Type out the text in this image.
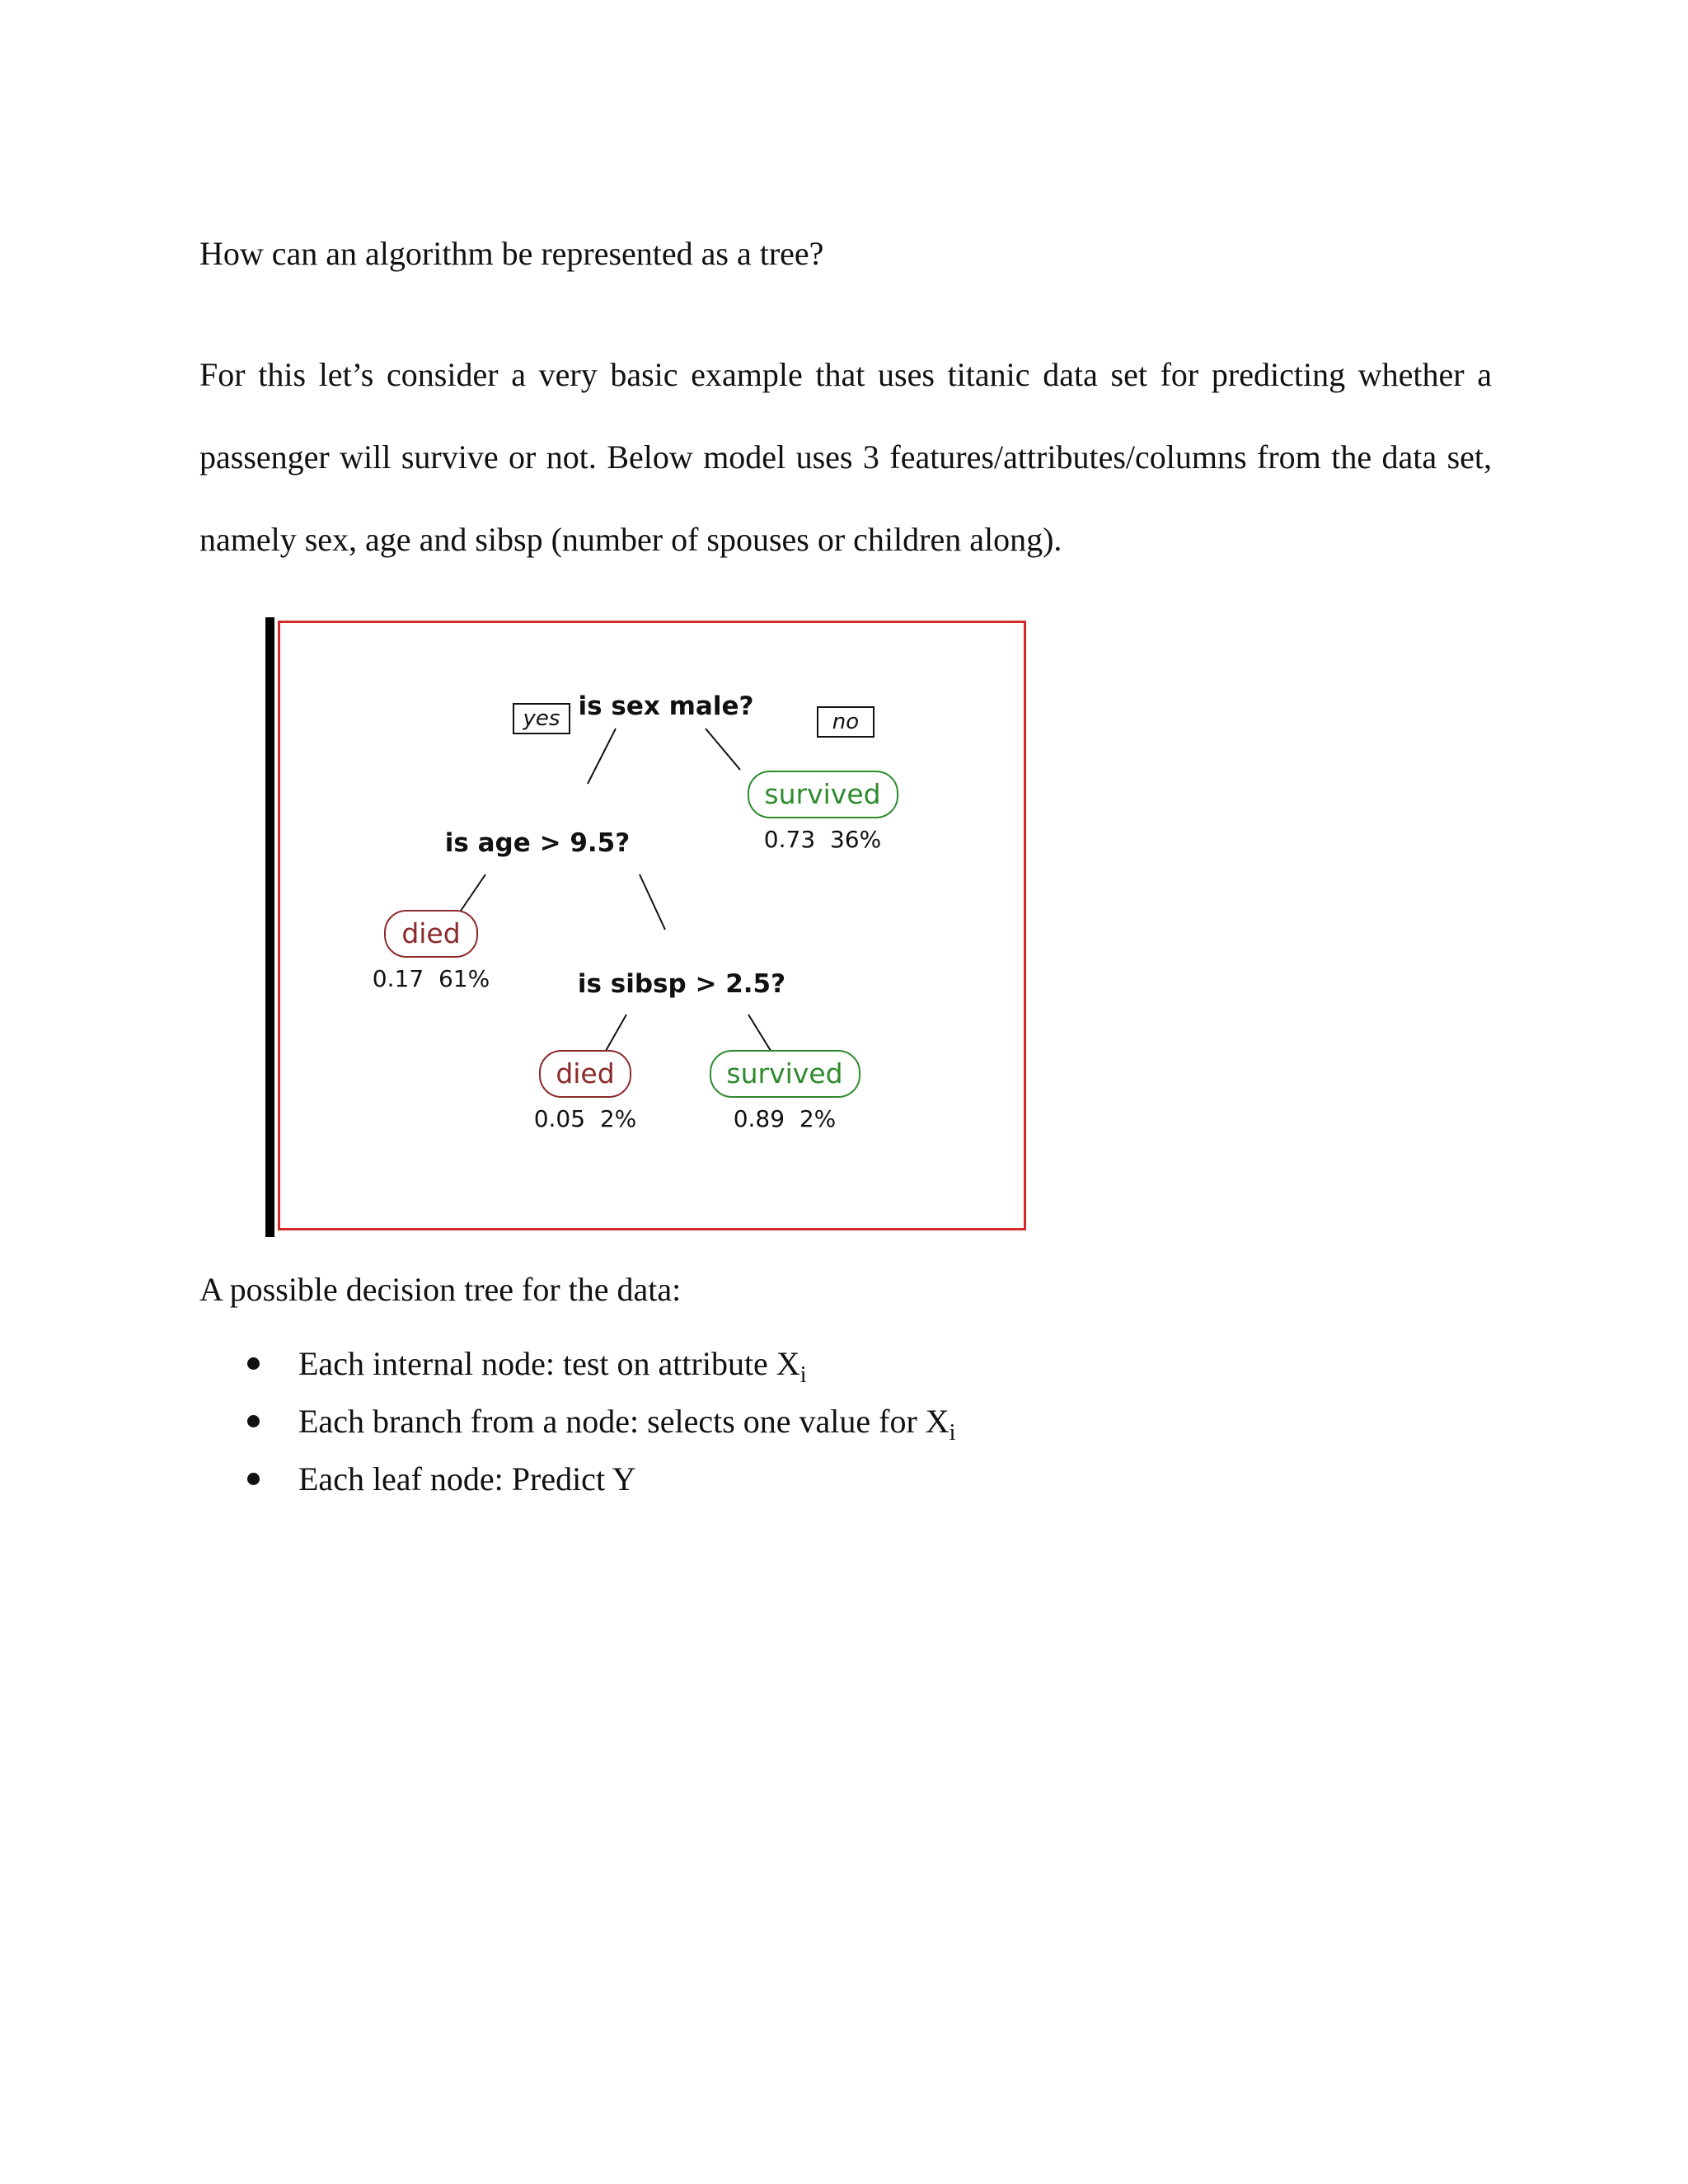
How can an algorithm be represented as a tree?

For this let’s consider a very basic example that uses titanic data set for predicting whether a passenger will survive or not. Below model uses 3 features/attributes/columns from the data set, namely sex, age and sibsp (number of spouses or children along).

is sex male?
is age > 9.5?
is sibsp > 2.5?
yes	no
survived
0.73  36%
died
0.17  61%
died
0.05  2%
survived
0.89  2%

A possible decision tree for the data:

Each internal node: test on attribute $X_i$
Each branch from a node: selects one value for $X_i$
Each leaf node: Predict Y
